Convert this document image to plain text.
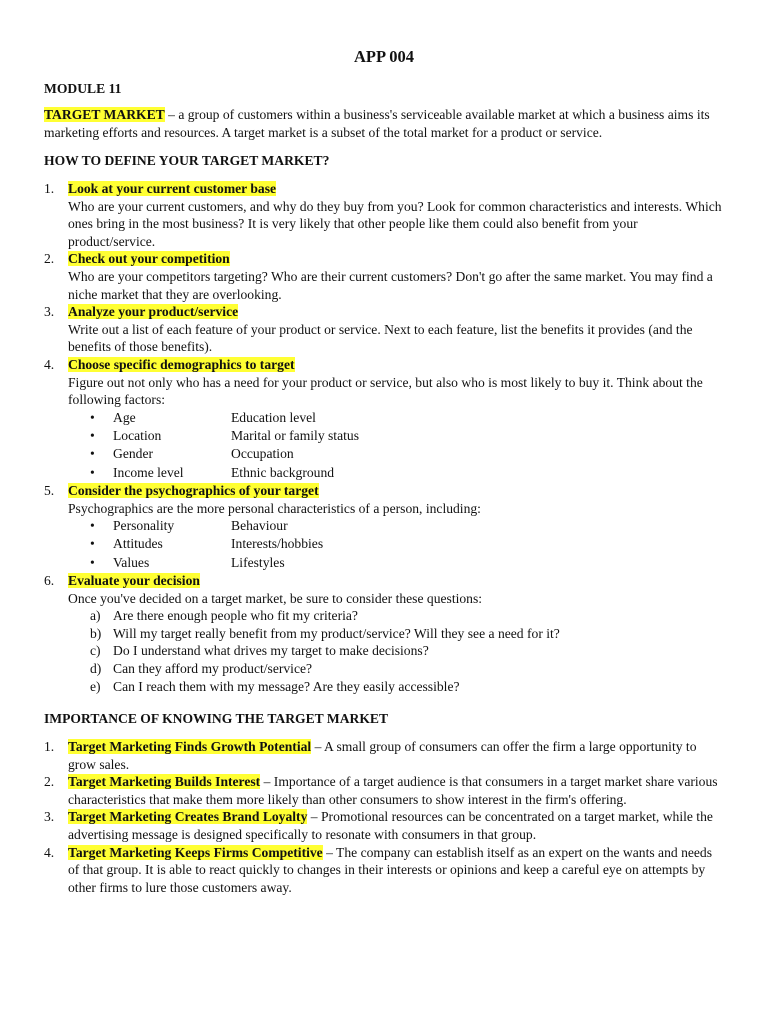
APP 004
MODULE 11
TARGET MARKET – a group of customers within a business's serviceable available market at which a business aims its marketing efforts and resources. A target market is a subset of the total market for a product or service.
HOW TO DEFINE YOUR TARGET MARKET?
1. Look at your current customer base

Who are your current customers, and why do they buy from you? Look for common characteristics and interests. Which ones bring in the most business? It is very likely that other people like them could also benefit from your product/service.

2. Check out your competition

Who are your competitors targeting? Who are their current customers? Don't go after the same market. You may find a niche market that they are overlooking.

3. Analyze your product/service

Write out a list of each feature of your product or service. Next to each feature, list the benefits it provides (and the benefits of those benefits).

4. Choose specific demographics to target

Figure out not only who has a need for your product or service, but also who is most likely to buy it. Think about the following factors:

• Age	Education level
• Location	Marital or family status
• Gender	Occupation
• Income level	Ethnic background
5. Consider the psychographics of your target

Psychographics are the more personal characteristics of a person, including:

• Personality	Behaviour
• Attitudes	Interests/hobbies
• Values	Lifestyles
6. Evaluate your decision

Once you've decided on a target market, be sure to consider these questions:

a) Are there enough people who fit my criteria?
b) Will my target really benefit from my product/service? Will they see a need for it?
c) Do I understand what drives my target to make decisions?
d) Can they afford my product/service?
e) Can I reach them with my message? Are they easily accessible?
IMPORTANCE OF KNOWING THE TARGET MARKET
1. Target Marketing Finds Growth Potential – A small group of consumers can offer the firm a large opportunity to grow sales.
2. Target Marketing Builds Interest – Importance of a target audience is that consumers in a target market share various characteristics that make them more likely than other consumers to show interest in the firm's offering.
3. Target Marketing Creates Brand Loyalty – Promotional resources can be concentrated on a target market, while the advertising message is designed specifically to resonate with consumers in that group.
4. Target Marketing Keeps Firms Competitive – The company can establish itself as an expert on the wants and needs of that group. It is able to react quickly to changes in their interests or opinions and keep a careful eye on attempts by other firms to lure those customers away.
